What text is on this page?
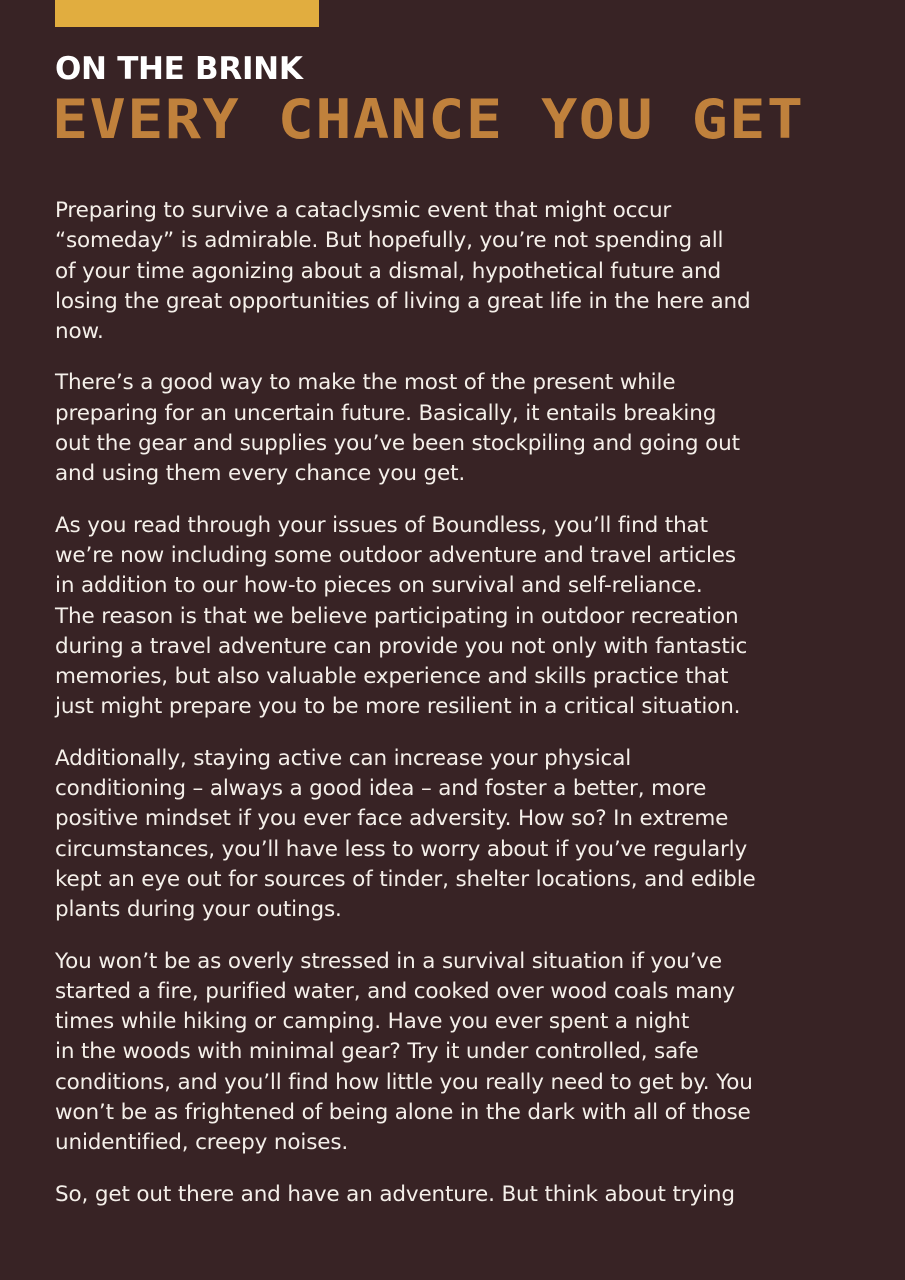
ON THE BRINK
EVERY CHANCE YOU GET

Preparing to survive a cataclysmic event that might occur
“someday” is admirable. But hopefully, you’re not spending all
of your time agonizing about a dismal, hypothetical future and
losing the great opportunities of living a great life in the here and
now.

There’s a good way to make the most of the present while
preparing for an uncertain future. Basically, it entails breaking
out the gear and supplies you’ve been stockpiling and going out
and using them every chance you get.

As you read through your issues of Boundless, you’ll find that
we’re now including some outdoor adventure and travel articles
in addition to our how-to pieces on survival and self-reliance.
The reason is that we believe participating in outdoor recreation
during a travel adventure can provide you not only with fantastic
memories, but also valuable experience and skills practice that
just might prepare you to be more resilient in a critical situation.

Additionally, staying active can increase your physical
conditioning – always a good idea – and foster a better, more
positive mindset if you ever face adversity. How so? In extreme
circumstances, you’ll have less to worry about if you’ve regularly
kept an eye out for sources of tinder, shelter locations, and edible
plants during your outings.

You won’t be as overly stressed in a survival situation if you’ve
started a fire, purified water, and cooked over wood coals many
times while hiking or camping. Have you ever spent a night
in the woods with minimal gear? Try it under controlled, safe
conditions, and you’ll find how little you really need to get by. You
won’t be as frightened of being alone in the dark with all of those
unidentified, creepy noises.

So, get out there and have an adventure. But think about trying
